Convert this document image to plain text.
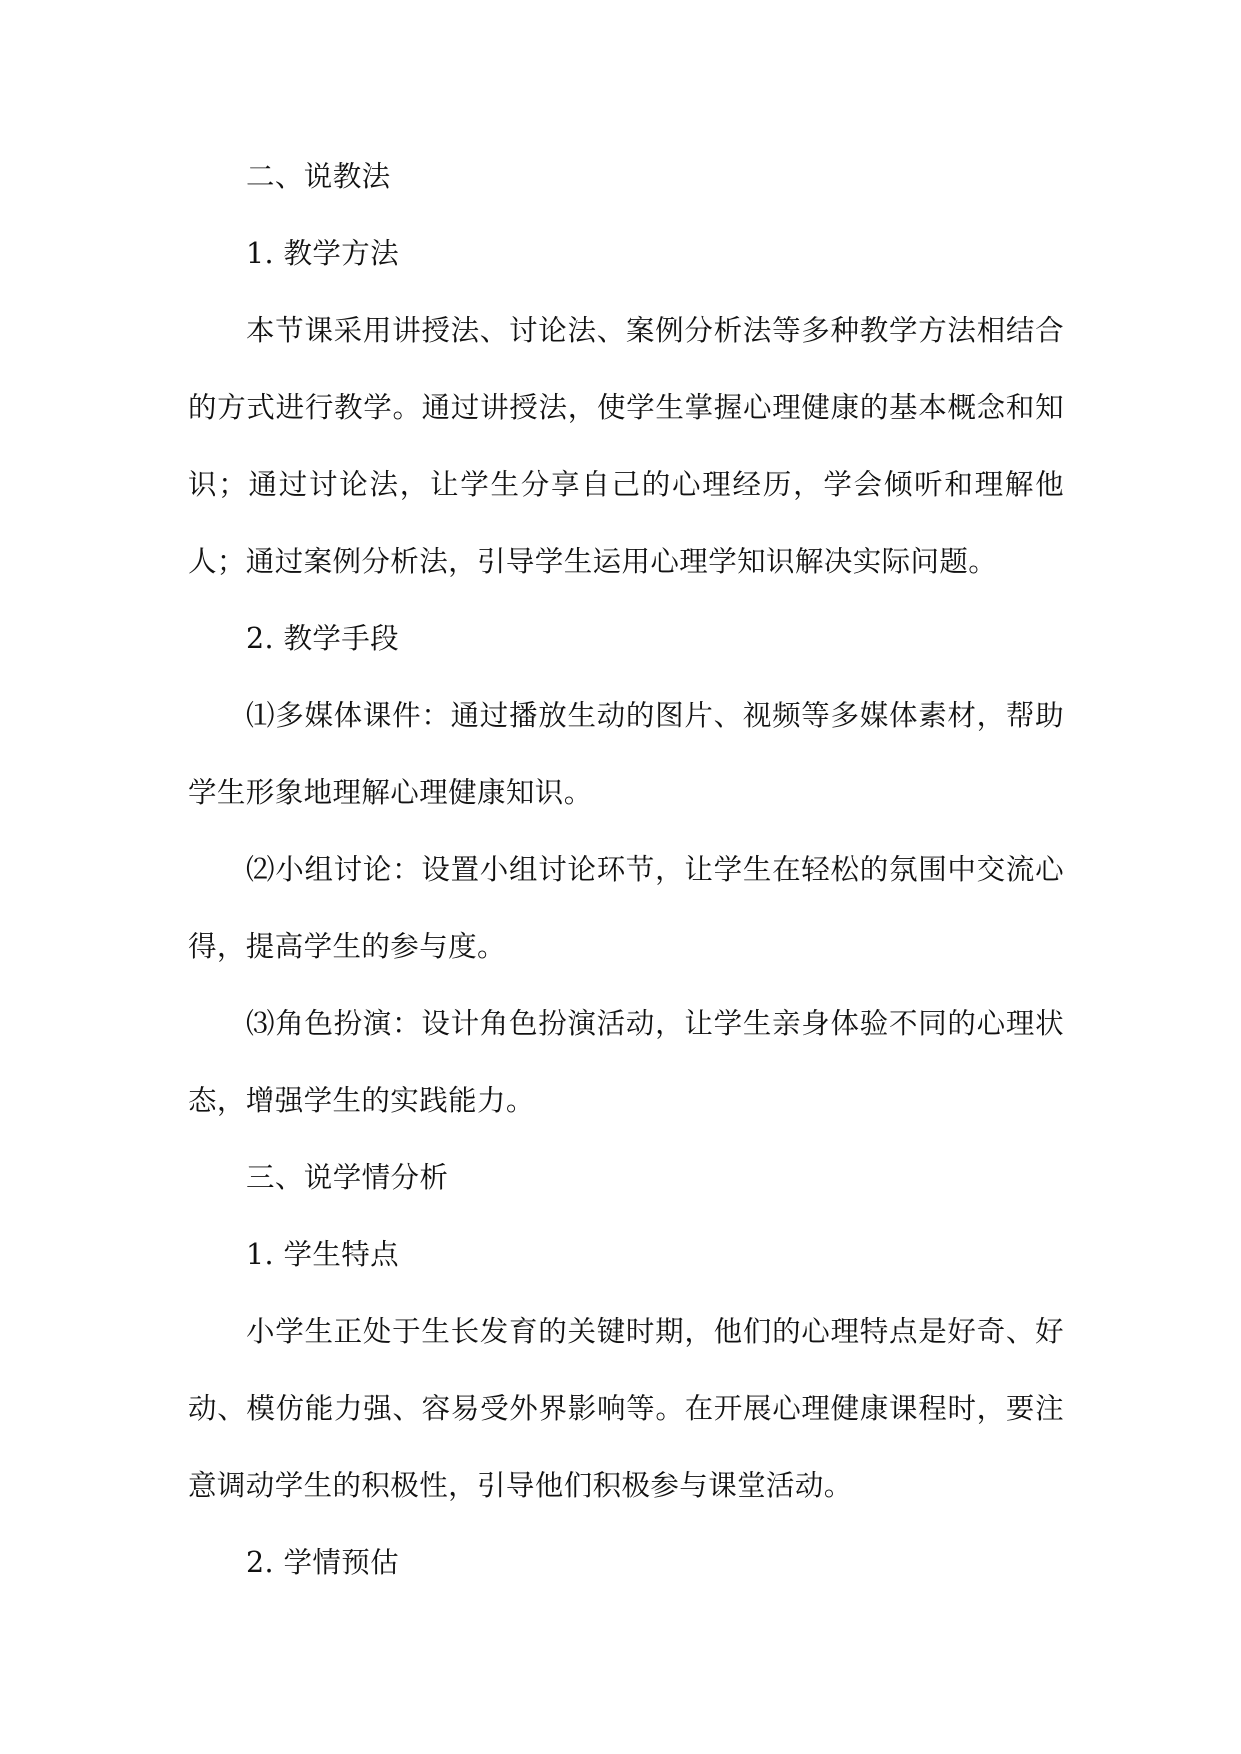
二、说教法

1. 教学方法

本节课采用讲授法、讨论法、案例分析法等多种教学方法相结合的方式进行教学。通过讲授法，使学生掌握心理健康的基本概念和知识；通过讨论法，让学生分享自己的心理经历，学会倾听和理解他人；通过案例分析法，引导学生运用心理学知识解决实际问题。

2. 教学手段

⑴多媒体课件：通过播放生动的图片、视频等多媒体素材，帮助学生形象地理解心理健康知识。

⑵小组讨论：设置小组讨论环节，让学生在轻松的氛围中交流心得，提高学生的参与度。

⑶角色扮演：设计角色扮演活动，让学生亲身体验不同的心理状态，增强学生的实践能力。

三、说学情分析

1. 学生特点

小学生正处于生长发育的关键时期，他们的心理特点是好奇、好动、模仿能力强、容易受外界影响等。在开展心理健康课程时，要注意调动学生的积极性，引导他们积极参与课堂活动。

2. 学情预估
